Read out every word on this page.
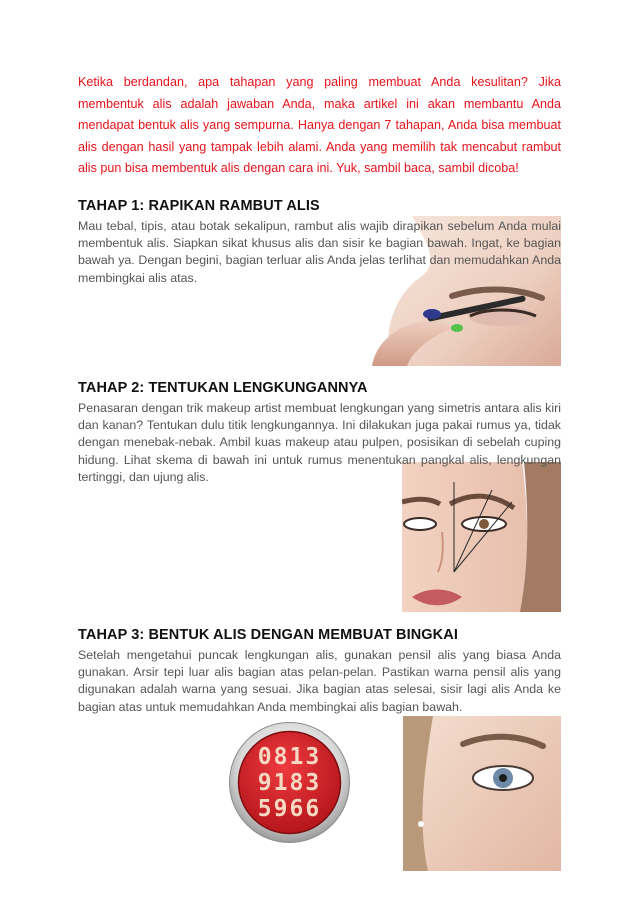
Ketika berdandan, apa tahapan yang paling membuat Anda kesulitan? Jika membentuk alis adalah jawaban Anda, maka artikel ini akan membantu Anda mendapat bentuk alis yang sempurna. Hanya dengan 7 tahapan, Anda bisa membuat alis dengan hasil yang tampak lebih alami. Anda yang memilih tak mencabut rambut alis pun bisa membentuk alis dengan cara ini. Yuk, sambil baca, sambil dicoba!

TAHAP 1: RAPIKAN RAMBUT ALIS

Mau tebal, tipis, atau botak sekalipun, rambut alis wajib dirapikan sebelum Anda mulai membentuk alis. Siapkan sikat khusus alis dan sisir ke bagian bawah. Ingat, ke bagian bawah ya. Dengan begini, bagian terluar alis Anda jelas terlihat dan memudahkan Anda membingkai alis atas.

TAHAP 2: TENTUKAN LENGKUNGANNYA

Penasaran dengan trik makeup artist membuat lengkungan yang simetris antara alis kiri dan kanan? Tentukan dulu titik lengkungannya. Ini dilakukan juga pakai rumus ya, tidak dengan menebak-nebak. Ambil kuas makeup atau pulpen, posisikan di sebelah cuping hidung. Lihat skema di bawah ini untuk rumus menentukan pangkal alis, lengkungan tertinggi, dan ujung alis.

TAHAP 3: BENTUK ALIS DENGAN MEMBUAT BINGKAI

Setelah mengetahui puncak lengkungan alis, gunakan pensil alis yang biasa Anda gunakan. Arsir tepi luar alis bagian atas pelan-pelan. Pastikan warna pensil alis yang digunakan adalah warna yang sesuai. Jika bagian atas selesai, sisir lagi alis Anda ke bagian atas untuk memudahkan Anda membingkai alis bagian bawah.

0813
9183
5966
